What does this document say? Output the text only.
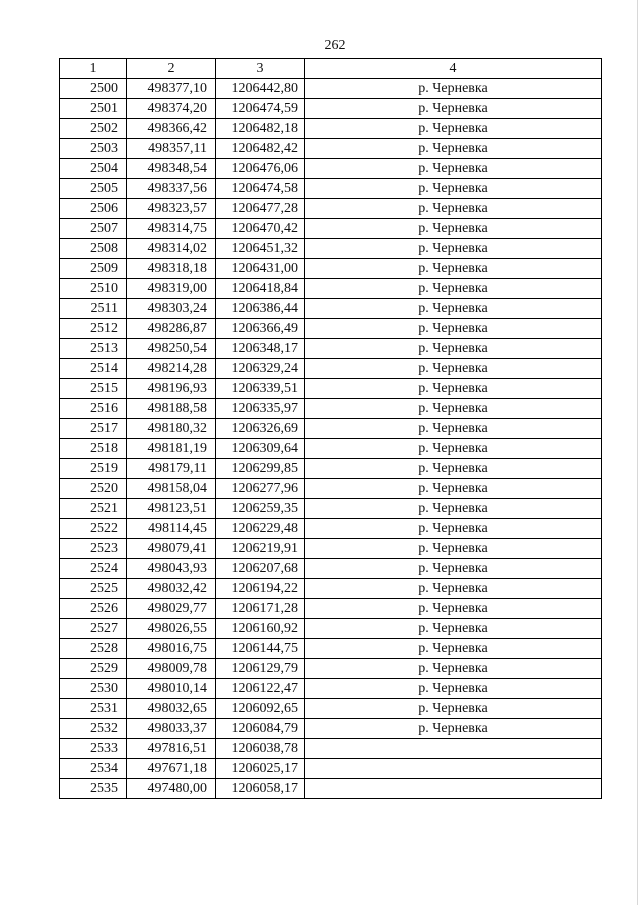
262
1	2	3	4
2500	498377,10	1206442,80	р. Черневка
2501	498374,20	1206474,59	р. Черневка
2502	498366,42	1206482,18	р. Черневка
2503	498357,11	1206482,42	р. Черневка
2504	498348,54	1206476,06	р. Черневка
2505	498337,56	1206474,58	р. Черневка
2506	498323,57	1206477,28	р. Черневка
2507	498314,75	1206470,42	р. Черневка
2508	498314,02	1206451,32	р. Черневка
2509	498318,18	1206431,00	р. Черневка
2510	498319,00	1206418,84	р. Черневка
2511	498303,24	1206386,44	р. Черневка
2512	498286,87	1206366,49	р. Черневка
2513	498250,54	1206348,17	р. Черневка
2514	498214,28	1206329,24	р. Черневка
2515	498196,93	1206339,51	р. Черневка
2516	498188,58	1206335,97	р. Черневка
2517	498180,32	1206326,69	р. Черневка
2518	498181,19	1206309,64	р. Черневка
2519	498179,11	1206299,85	р. Черневка
2520	498158,04	1206277,96	р. Черневка
2521	498123,51	1206259,35	р. Черневка
2522	498114,45	1206229,48	р. Черневка
2523	498079,41	1206219,91	р. Черневка
2524	498043,93	1206207,68	р. Черневка
2525	498032,42	1206194,22	р. Черневка
2526	498029,77	1206171,28	р. Черневка
2527	498026,55	1206160,92	р. Черневка
2528	498016,75	1206144,75	р. Черневка
2529	498009,78	1206129,79	р. Черневка
2530	498010,14	1206122,47	р. Черневка
2531	498032,65	1206092,65	р. Черневка
2532	498033,37	1206084,79	р. Черневка
2533	497816,51	1206038,78	
2534	497671,18	1206025,17	
2535	497480,00	1206058,17	
